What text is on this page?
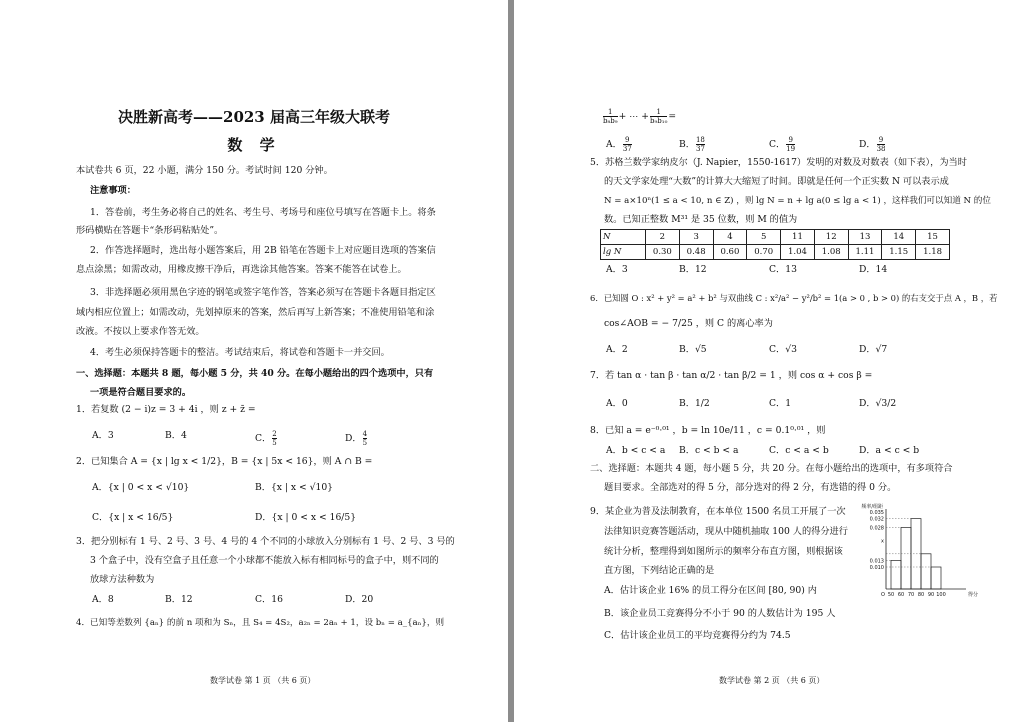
决胜新高考——2023 届高三年级大联考
数 学
本试卷共 6 页，22 小题，满分 150 分。考试时间 120 分钟。
注意事项：
1．答卷前，考生务必将自己的姓名、考生号、考场号和座位号填写在答题卡上。将条
形码横贴在答题卡“条形码粘贴处”。
2．作答选择题时，选出每小题答案后，用 2B 铅笔在答题卡上对应题目选项的答案信
息点涂黑；如需改动，用橡皮擦干净后，再选涂其他答案。答案不能答在试卷上。
3．非选择题必须用黑色字迹的钢笔或签字笔作答，答案必须写在答题卡各题目指定区
域内相应位置上；如需改动，先划掉原来的答案，然后再写上新答案；不准使用铅笔和涂
改液。不按以上要求作答无效。
4．考生必须保持答题卡的整洁。考试结束后，将试卷和答题卡一并交回。
一、选择题：本题共 8 题，每小题 5 分，共 40 分。在每小题给出的四个选项中，只有
一项是符合题目要求的。
1．若复数 (2 − i)z = 3 + 4i ，则 z + z̄ =
A．3	B．4	C． $\frac{2}{5}$	D． $\frac{4}{5}$
2．已知集合 A = {x | lg x < 1/2}，B = {x | 5x < 16}，则 A ∩ B =
A．{x | 0 < x < √10}	B．{x | x < √10}
C．{x | x < 16/5}	D．{x | 0 < x < 16/5}
3．把分别标有 1 号、2 号、3 号、4 号的 4 个不同的小球放入分别标有 1 号、2 号、3 号的
3 个盒子中，没有空盒子且任意一个小球都不能放入标有相同标号的盒子中，则不同的
放球方法种数为
A．8	B．12	C．16	D．20
4．已知等差数列 {aₙ} 的前 n 项和为 Sₙ，且 S₄ = 4S₂，a₂ₙ = 2aₙ + 1，设 bₙ = a_{aₙ}，则
数学试卷 第 1 页 （共 6 页）
$\frac{1}{\text{b₈b₉}}$ + ⋯ + $\frac{1}{\text{b₉b₁₀}}$ =
A． $\frac{9}{37}$	B． $\frac{18}{37}$	C． $\frac{9}{19}$	D． $\frac{9}{38}$
5．苏格兰数学家纳皮尔（J. Napier，1550-1617）发明的对数及对数表（如下表），为当时
的天文学家处理“大数”的计算大大缩短了时间。即就是任何一个正实数 N 可以表示成
N = a×10ⁿ(1 ≤ a < 10, n ∈ Z) ，则 lg N = n + lg a(0 ≤ lg a < 1) ，这样我们可以知道 N 的位
数。已知正整数 M³¹ 是 35 位数，则 M 的值为
N	2	3	4	5	11	12	13	14	15
lg N	0.30	0.48	0.60	0.70	1.04	1.08	1.11	1.15	1.18
A．3	B．12	C．13	D．14
6．已知圆 O : x² + y² = a² + b² 与双曲线 C : x²/a² − y²/b² = 1(a > 0 , b > 0) 的右支交于点 A ，B ，若
cos∠AOB = − 7/25 ，则 C 的离心率为
A．2	B．√5	C．√3	D．√7
7．若 tan α · tan β · tan α/2 · tan β/2 = 1 ，则 cos α + cos β =
A．0	B．1/2	C．1	D．√3/2
8．已知 a = e⁻⁰·⁰¹ ，b = ln 10e/11 ，c = 0.1⁰·⁰¹ ，则
A．b < c < a B．c < b < a	C．c < a < b	D．a < c < b
二、选择题：本题共 4 题，每小题 5 分，共 20 分。在每小题给出的选项中，有多项符合
题目要求。全部选对的得 5 分，部分选对的得 2 分，有选错的得 0 分。
9．某企业为普及法制教育，在本单位 1500 名员工开展了一次
法律知识竞赛答题活动，现从中随机抽取 100 人的得分进行
统计分析，整理得到如图所示的频率分布直方图，则根据该
直方图，下列结论正确的是
A．估计该企业 16% 的员工得分在区间 [80, 90) 内
B．该企业员工竞赛得分不小于 90 的人数估计为 195 人
C．估计该企业员工的平均竞赛得分约为 74.5
0.035
0.032
0.028
x
0.013
0.010
O 50 60 70 80 90 100
频率/组距
得分
数学试卷 第 2 页 （共 6 页）
